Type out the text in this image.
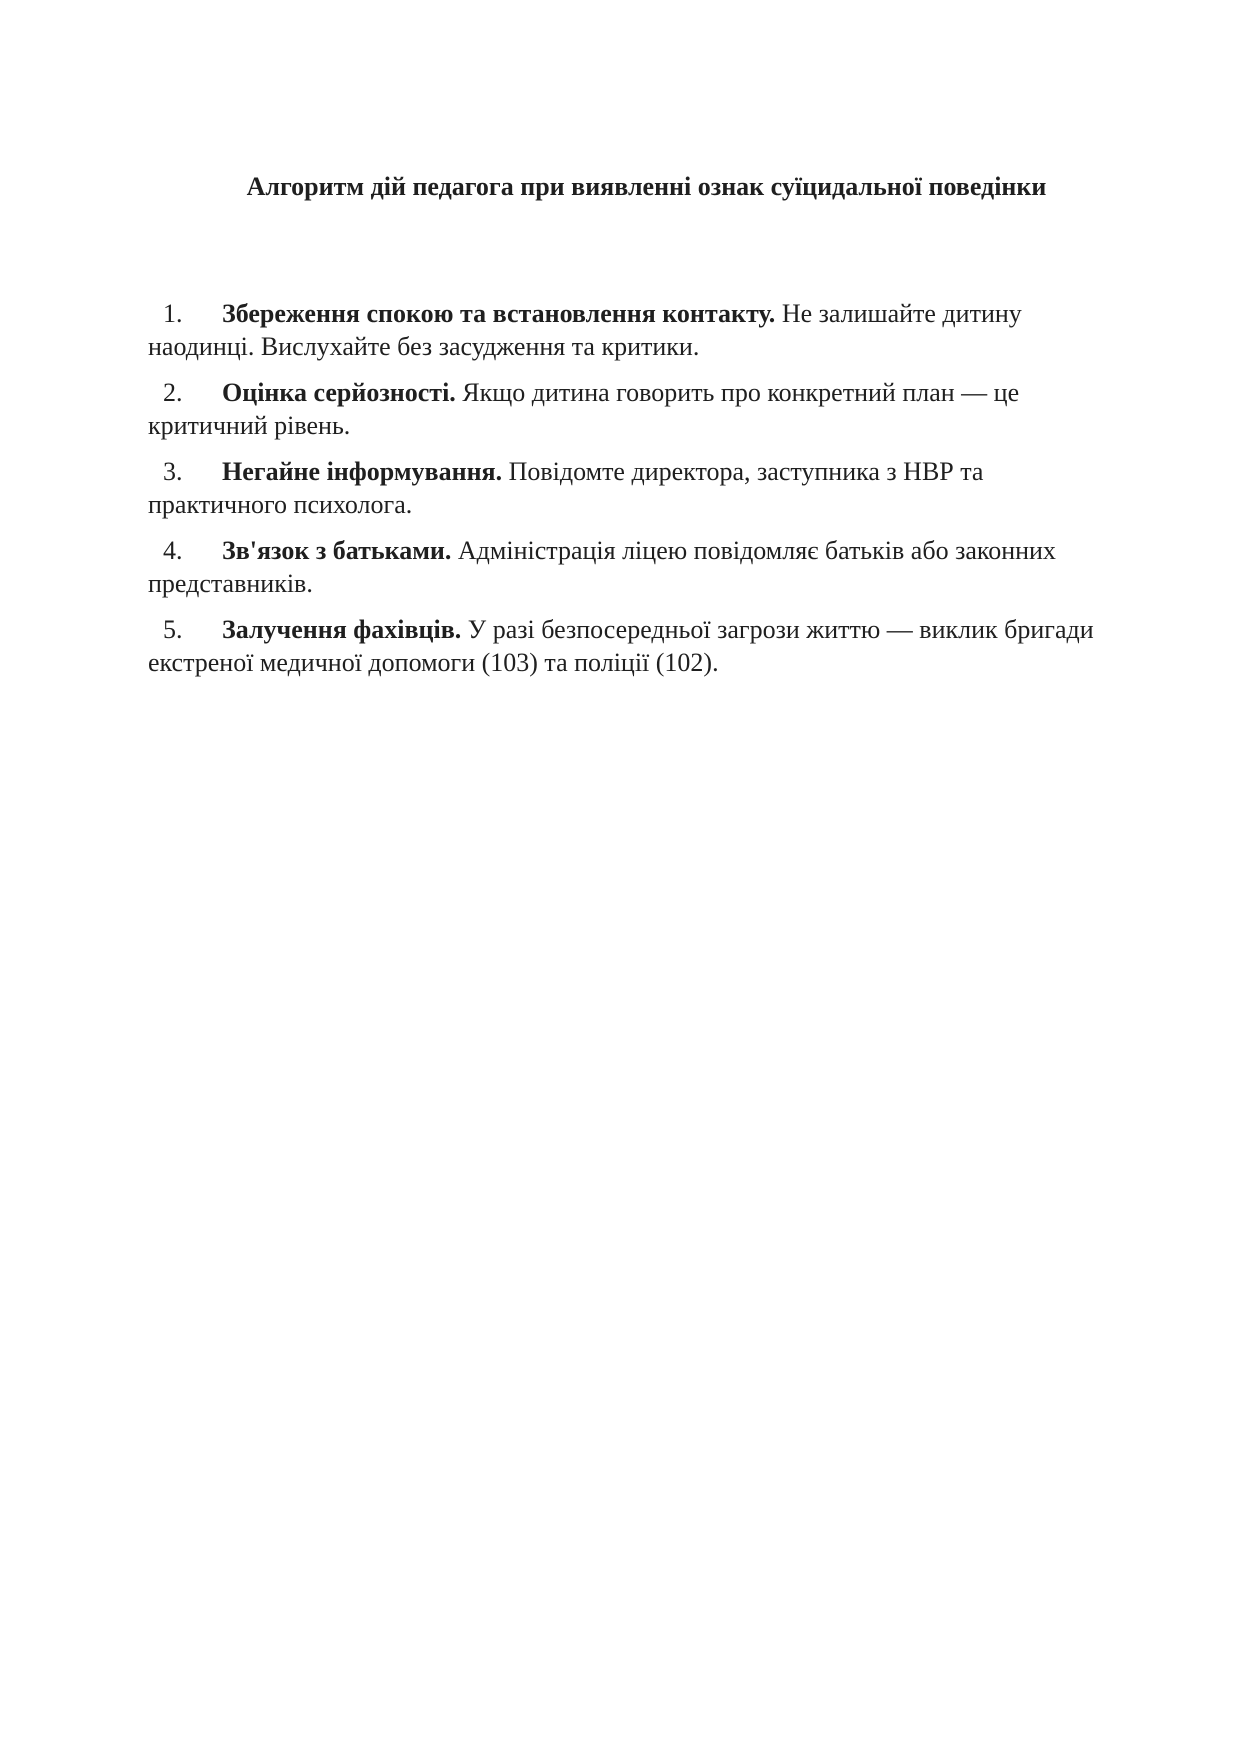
Алгоритм дій педагога при виявленні ознак суїцидальної поведінки
1. Збереження спокою та встановлення контакту. Не залишайте дитину наодинці. Вислухайте без засудження та критики.
2. Оцінка серйозності. Якщо дитина говорить про конкретний план — це критичний рівень.
3. Негайне інформування. Повідомте директора, заступника з НВР та практичного психолога.
4. Зв'язок з батьками. Адміністрація ліцею повідомляє батьків або законних представників.
5. Залучення фахівців. У разі безпосередньої загрози життю — виклик бригади екстреної медичної допомоги (103) та поліції (102).
